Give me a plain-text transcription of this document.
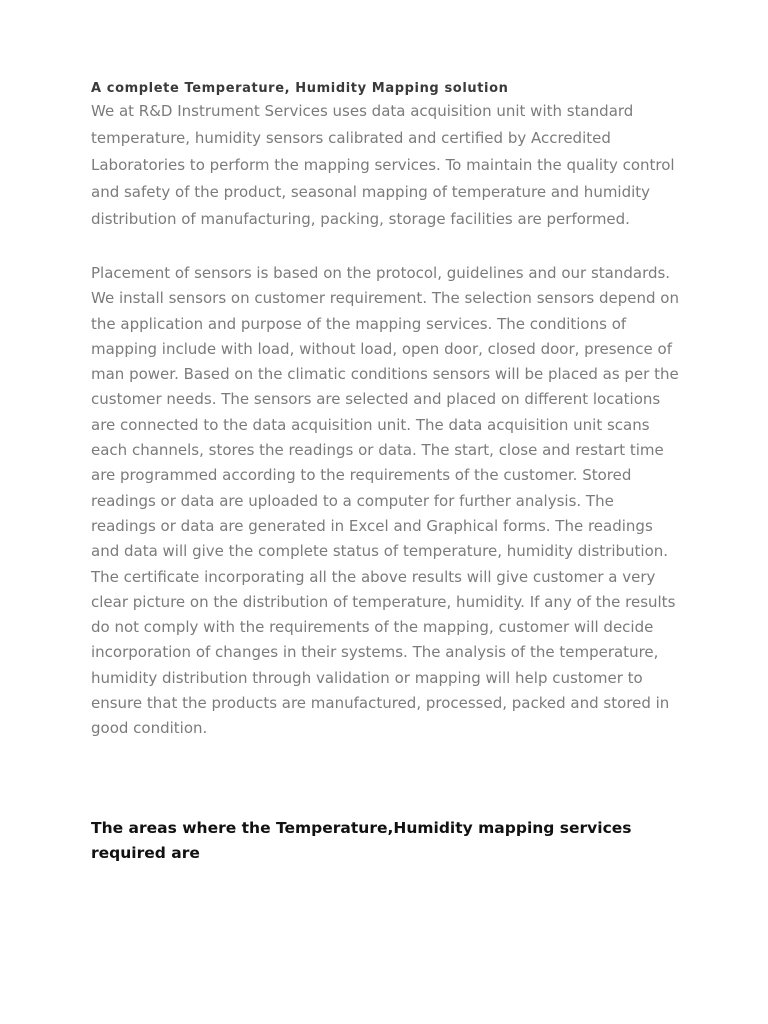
A complete Temperature, Humidity Mapping solution

We at R&D Instrument Services uses data acquisition unit with standard temperature, humidity sensors calibrated and certified by Accredited Laboratories to perform the mapping services. To maintain the quality control and safety of the product, seasonal mapping of temperature and humidity distribution of manufacturing, packing, storage facilities are performed.

Placement of sensors is based on the protocol, guidelines and our standards. We install sensors on customer requirement. The selection sensors depend on the application and purpose of the mapping services. The conditions of mapping include with load, without load, open door, closed door, presence of man power. Based on the climatic conditions sensors will be placed as per the customer needs. The sensors are selected and placed on different locations are connected to the data acquisition unit. The data acquisition unit scans each channels, stores the readings or data. The start, close and restart time are programmed according to the requirements of the customer. Stored readings or data are uploaded to a computer for further analysis. The readings or data are generated in Excel and Graphical forms. The readings and data will give the complete status of temperature, humidity distribution. The certificate incorporating all the above results will give customer a very clear picture on the distribution of temperature, humidity. If any of the results do not comply with the requirements of the mapping, customer will decide incorporation of changes in their systems. The analysis of the temperature, humidity distribution through validation or mapping will help customer to ensure that the products are manufactured, processed, packed and stored in good condition.

The areas where the Temperature,Humidity mapping services required are
